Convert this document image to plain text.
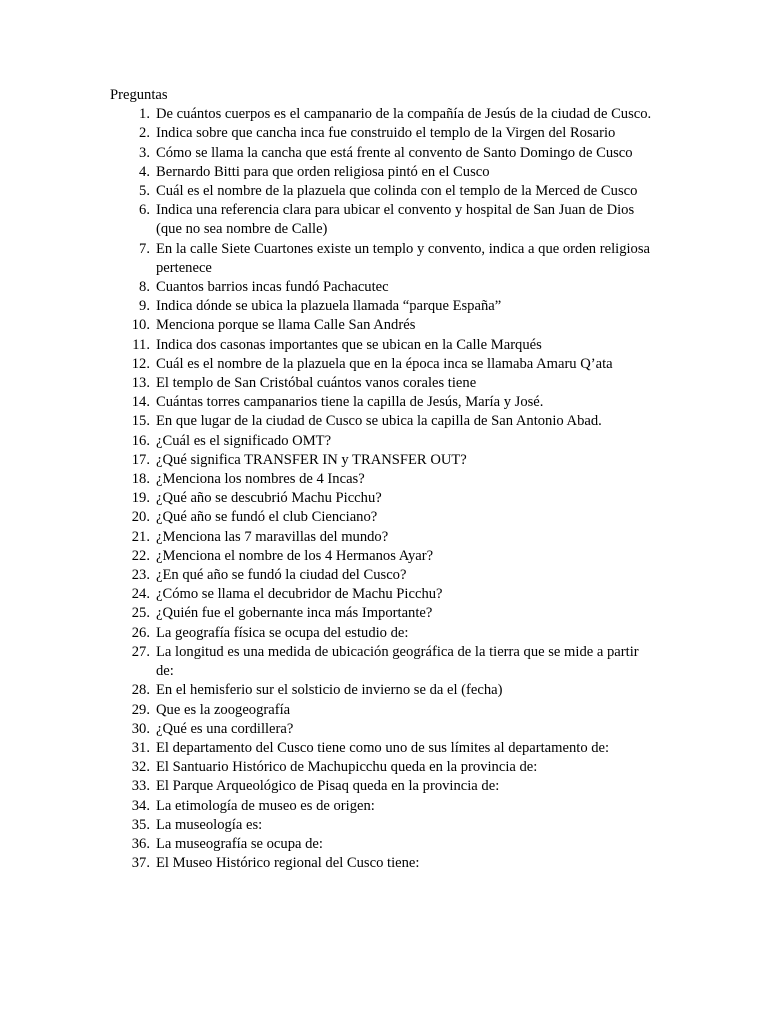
Preguntas
1. De cuántos cuerpos es el campanario de la compañía de Jesús de la ciudad de Cusco.
2. Indica sobre que cancha inca fue construido el templo de la Virgen del Rosario
3. Cómo se llama la cancha que está frente al convento de Santo Domingo de Cusco
4. Bernardo Bitti para que orden religiosa pintó en el Cusco
5. Cuál es el nombre de la plazuela que colinda con el templo de la Merced de Cusco
6. Indica una referencia clara para ubicar el convento y hospital de San Juan de Dios (que no sea nombre de Calle)
7. En la calle Siete Cuartones existe un templo y convento, indica a que orden religiosa pertenece
8. Cuantos barrios incas fundó Pachacutec
9. Indica dónde se ubica la plazuela llamada “parque España”
10. Menciona porque se llama Calle San Andrés
11. Indica dos casonas importantes que se ubican en la Calle Marqués
12. Cuál es el nombre de la plazuela que en la época inca se llamaba Amaru Q’ata
13. El templo de San Cristóbal cuántos vanos corales tiene
14. Cuántas torres campanarios tiene la capilla de Jesús, María y José.
15. En que lugar de la ciudad de Cusco se ubica la capilla de San Antonio Abad.
16. ¿Cuál es el significado OMT?
17. ¿Qué significa TRANSFER IN y TRANSFER OUT?
18. ¿Menciona los nombres de 4 Incas?
19. ¿Qué año se descubrió Machu Picchu?
20. ¿Qué año se fundó el club Cienciano?
21. ¿Menciona las 7 maravillas del mundo?
22. ¿Menciona el nombre de los 4 Hermanos Ayar?
23. ¿En qué año se fundó la ciudad del Cusco?
24. ¿Cómo se llama el decubridor de Machu Picchu?
25. ¿Quién fue el gobernante inca más Importante?
26. La geografía física se ocupa del estudio de:
27. La longitud es una medida de ubicación geográfica de la tierra que se mide a partir de:
28. En el hemisferio sur el solsticio de invierno se da el (fecha)
29. Que es la zoogeografía
30. ¿Qué es una cordillera?
31. El departamento del Cusco tiene como uno de sus límites al departamento de:
32. El Santuario Histórico de Machupicchu queda en la provincia de:
33. El Parque Arqueológico de Pisaq queda en la provincia de:
34. La etimología de museo es de origen:
35. La museología es:
36. La museografía se ocupa de:
37. El Museo Histórico regional del Cusco tiene:
